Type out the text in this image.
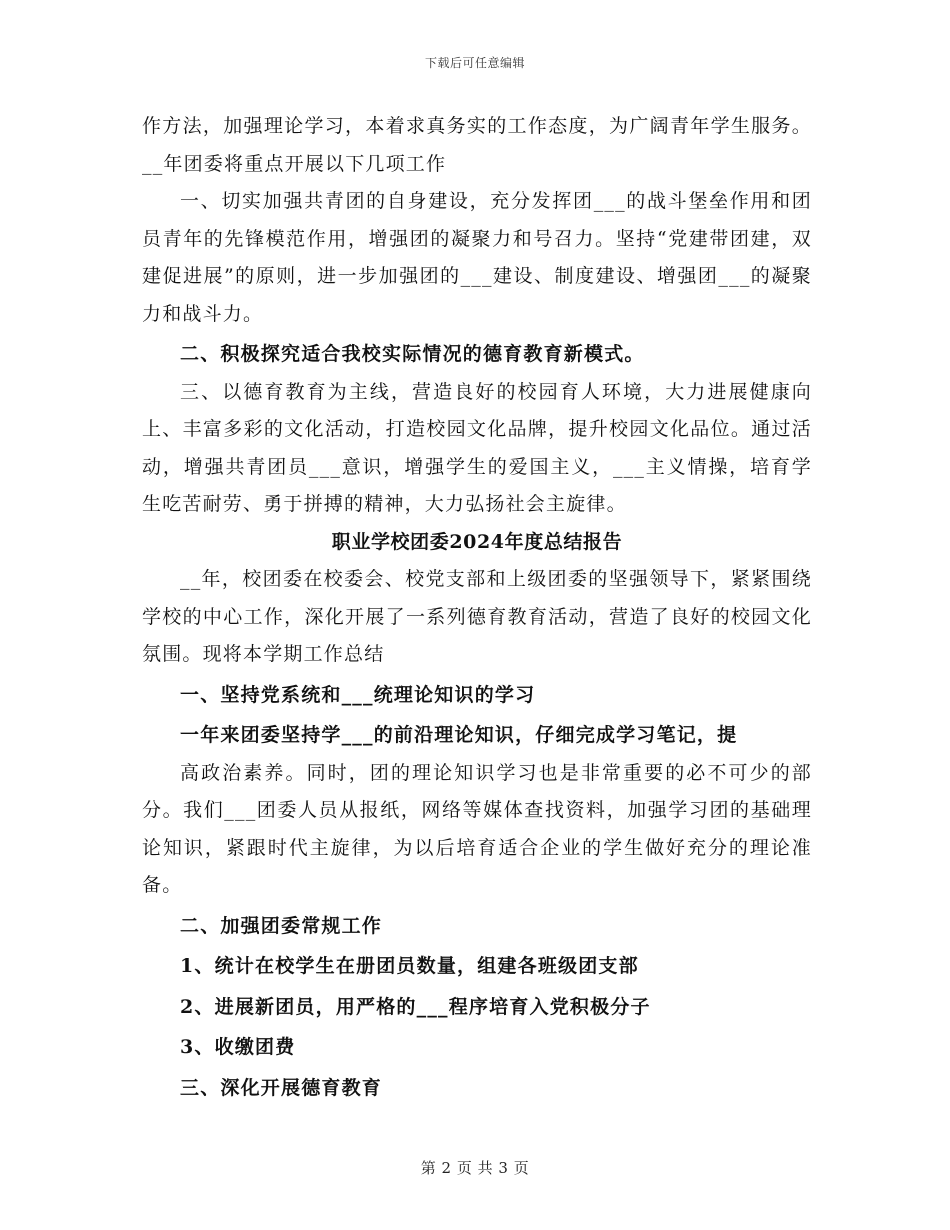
下载后可任意编辑

作方法，加强理论学习，本着求真务实的工作态度，为广阔青年学生服务。__年团委将重点开展以下几项工作

一、切实加强共青团的自身建设，充分发挥团___的战斗堡垒作用和团员青年的先锋模范作用，增强团的凝聚力和号召力。坚持“党建带团建，双建促进展”的原则，进一步加强团的___建设、制度建设、增强团___的凝聚力和战斗力。

二、积极探究适合我校实际情况的德育教育新模式。

三、以德育教育为主线，营造良好的校园育人环境，大力进展健康向上、丰富多彩的文化活动，打造校园文化品牌，提升校园文化品位。通过活动，增强共青团员___意识，增强学生的爱国主义，___主义情操，培育学生吃苦耐劳、勇于拼搏的精神，大力弘扬社会主旋律。

职业学校团委2024年度总结报告

__年，校团委在校委会、校党支部和上级团委的坚强领导下，紧紧围绕学校的中心工作，深化开展了一系列德育教育活动，营造了良好的校园文化氛围。现将本学期工作总结

一、坚持党系统和___统理论知识的学习

一年来团委坚持学___的前沿理论知识，仔细完成学习笔记，提

高政治素养。同时，团的理论知识学习也是非常重要的必不可少的部分。我们___团委人员从报纸，网络等媒体查找资料，加强学习团的基础理论知识，紧跟时代主旋律，为以后培育适合企业的学生做好充分的理论准备。

二、加强团委常规工作

1、统计在校学生在册团员数量，组建各班级团支部

2、进展新团员，用严格的___程序培育入党积极分子

3、收缴团费

三、深化开展德育教育

第 2 页 共 3 页
